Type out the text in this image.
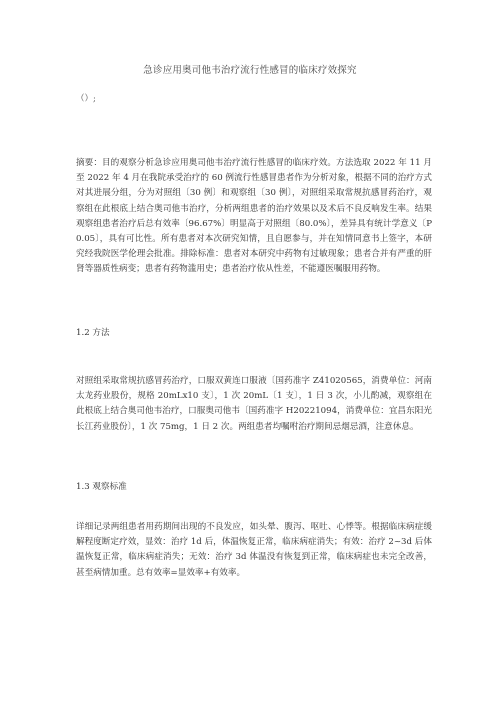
急诊应用奥司他韦治疗流行性感冒的临床疗效探究
（）;
摘要：目的观察分析急诊应用奥司他韦治疗流行性感冒的临床疗效。方法选取 2022 年 11 月至 2022 年 4 月在我院承受治疗的 60 例流行性感冒患者作为分析对象，根据不同的治疗方式对其进展分组，分为对照组〔30 例〕和观察组〔30 例〕，对照组采取常规抗感冒药治疗，观察组在此根底上结合奥司他韦治疗，分析两组患者的治疗效果以及术后不良反响发生率。结果观察组患者治疗后总有效率〔96.67%〕明显高于对照组〔80.0%〕，差异具有统计学意义〔P0.05〕，具有可比性。所有患者对本次研究知情，且自愿参与，并在知情同意书上签字，本研究经我院医学伦理会批准。排除标准：患者对本研究中药物有过敏现象；患者合并有严重的肝肾等器质性病变；患者有药物滥用史；患者治疗依从性差，不能遵医嘱服用药物。
1.2 方法
对照组采取常规抗感冒药治疗，口服双黄连口服液〔国药准字 Z41020565，消费单位：河南太龙药业股份，规格 20mLx10 支〕，1 次 20mL〔1 支〕，1 日 3 次，小儿酌减，观察组在此根底上结合奥司他韦治疗，口服奥司他韦〔国药准字 H20221094，消费单位：宜昌东阳光长江药业股份〕，1 次 75mg，1 日 2 次。两组患者均嘱咐治疗期间忌烟忌酒，注意休息。
1.3 观察标准
详细记录两组患者用药期间出现的不良发应，如头晕、腹泻、呕吐、心悸等。根据临床病症缓解程度断定疗效，显效：治疗 1d 后，体温恢复正常，临床病症消失；有效：治疗 2~3d 后体温恢复正常，临床病症消失；无效：治疗 3d 体温没有恢复到正常，临床病症也未完全改善，甚至病情加重。总有效率=显效率+有效率。
